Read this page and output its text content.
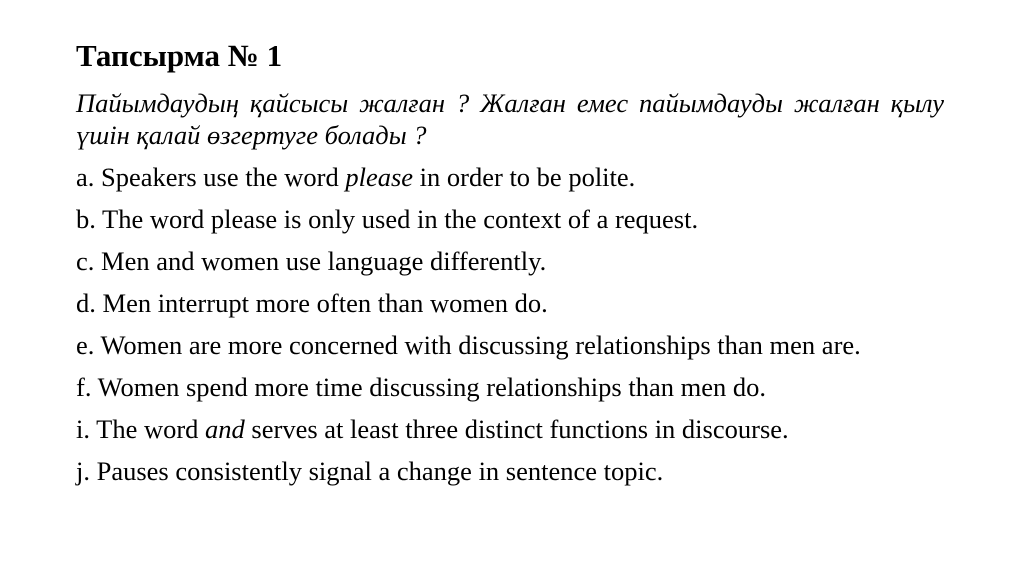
Тапсырма № 1
Пайымдаудың қайсысы жалған ? Жалған емес пайымдауды жалған қылу үшін қалай өзгертуге болады ?
a. Speakers use the word please in order to be polite.
b. The word please is only used in the context of a request.
c. Men and women use language differently.
d. Men interrupt more often than women do.
e. Women are more concerned with discussing relationships than men are.
f. Women spend more time discussing relationships than men do.
i. The word and serves at least three distinct functions in discourse.
j. Pauses consistently signal a change in sentence topic.
